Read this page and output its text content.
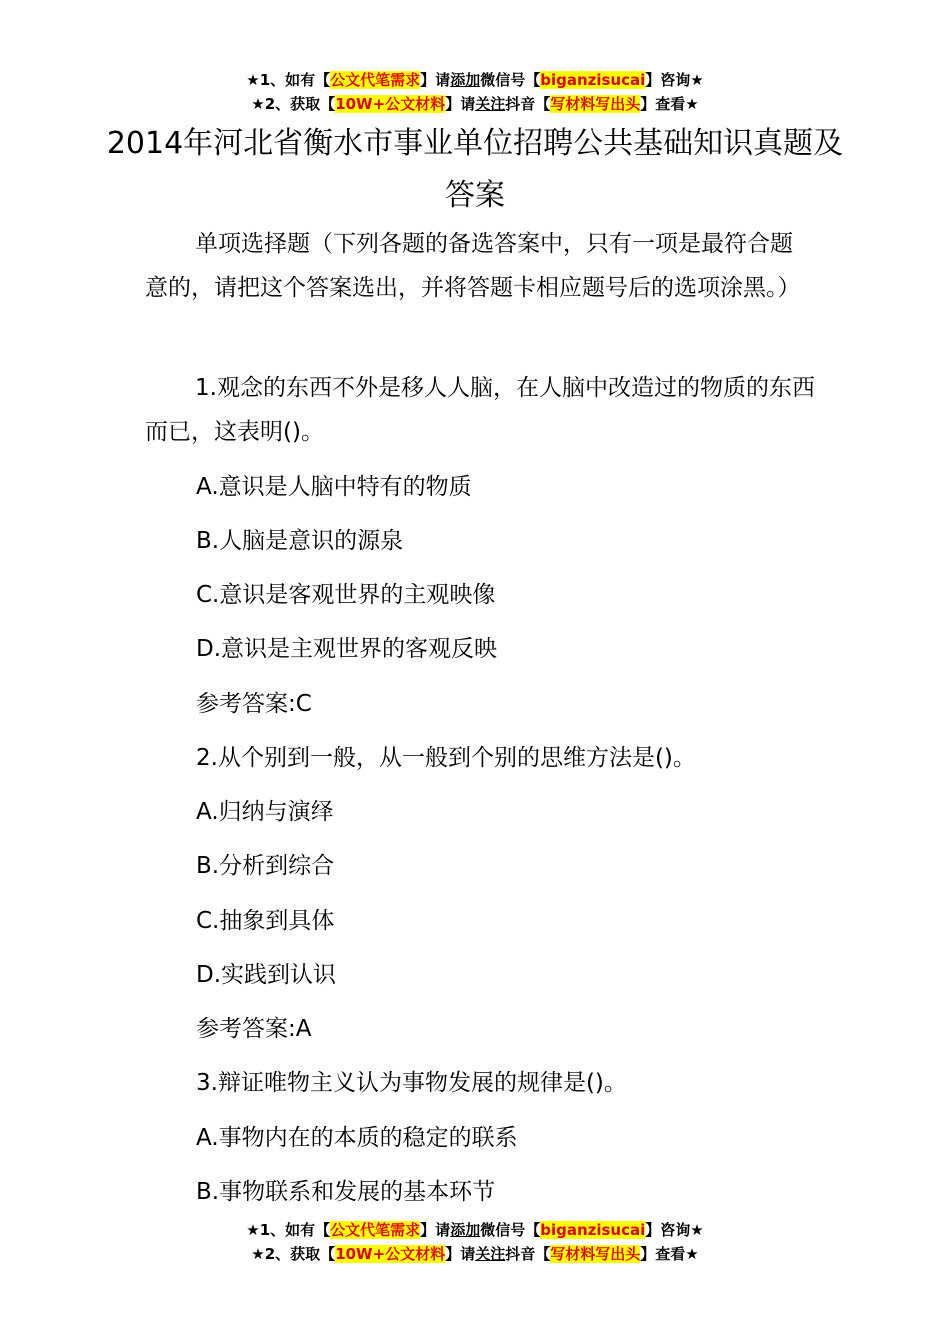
★1、如有【公文代笔需求】请添加微信号【biganzisucai】咨询★
★2、获取【10W+公文材料】请关注抖音【写材料写出头】查看★
2014年河北省衡水市事业单位招聘公共基础知识真题及答案
单项选择题（下列各题的备选答案中，只有一项是最符合题意的，请把这个答案选出，并将答题卡相应题号后的选项涂黑。）
1.观念的东西不外是移人人脑，在人脑中改造过的物质的东西而已，这表明()。
A.意识是人脑中特有的物质
B.人脑是意识的源泉
C.意识是客观世界的主观映像
D.意识是主观世界的客观反映
参考答案:C
2.从个别到一般，从一般到个别的思维方法是()。
A.归纳与演绎
B.分析到综合
C.抽象到具体
D.实践到认识
参考答案:A
3.辩证唯物主义认为事物发展的规律是()。
A.事物内在的本质的稳定的联系
B.事物联系和发展的基本环节
★1、如有【公文代笔需求】请添加微信号【biganzisucai】咨询★
★2、获取【10W+公文材料】请关注抖音【写材料写出头】查看★
